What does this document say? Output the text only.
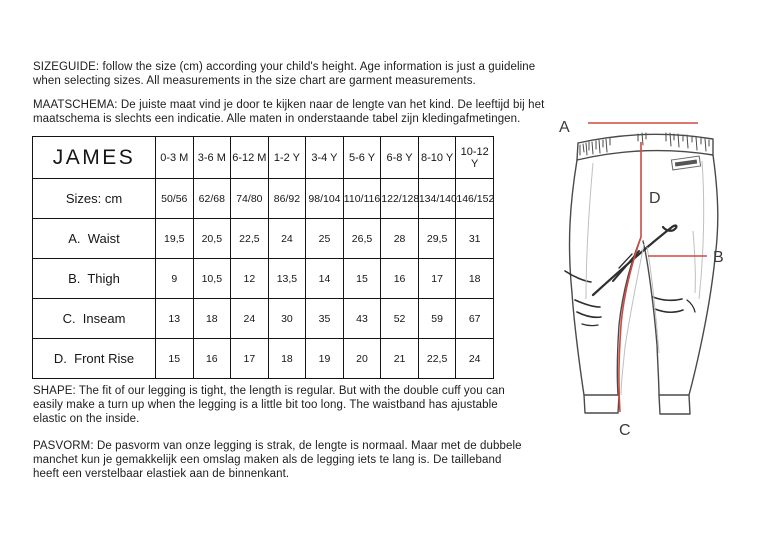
SIZEGUIDE: follow the size (cm) according your child's height. Age information is just a guideline
when selecting sizes. All measurements in the size chart are garment measurements.

MAATSCHEMA: De juiste maat vind je door te kijken naar de lengte van het kind. De leeftijd bij het
maatschema is slechts een indicatie. Alle maten in onderstaande tabel zijn kledingafmetingen.

JAMES	0-3 M	3-6 M	6-12 M	1-2 Y	3-4 Y	5-6 Y	6-8 Y	8-10 Y	10-12 Y
Sizes: cm	50/56	62/68	74/80	86/92	98/104	110/116	122/128	134/140	146/152
A.  Waist	19,5	20,5	22,5	24	25	26,5	28	29,5	31
B.  Thigh	9	10,5	12	13,5	14	15	16	17	18
C.  Inseam	13	18	24	30	35	43	52	59	67
D.  Front Rise	15	16	17	18	19	20	21	22,5	24

SHAPE: The fit of our legging is tight, the length is regular. But with the double cuff you can
easily make a turn up when the legging is a little bit too long. The waistband has ajustable
elastic on the inside.

PASVORM: De pasvorm van onze legging is strak, de lengte is normaal. Maar met de dubbele
manchet kun je gemakkelijk een omslag maken als de legging iets te lang is. De tailleband
heeft een verstelbaar elastiek aan de binnenkant.

A
D
B
C
